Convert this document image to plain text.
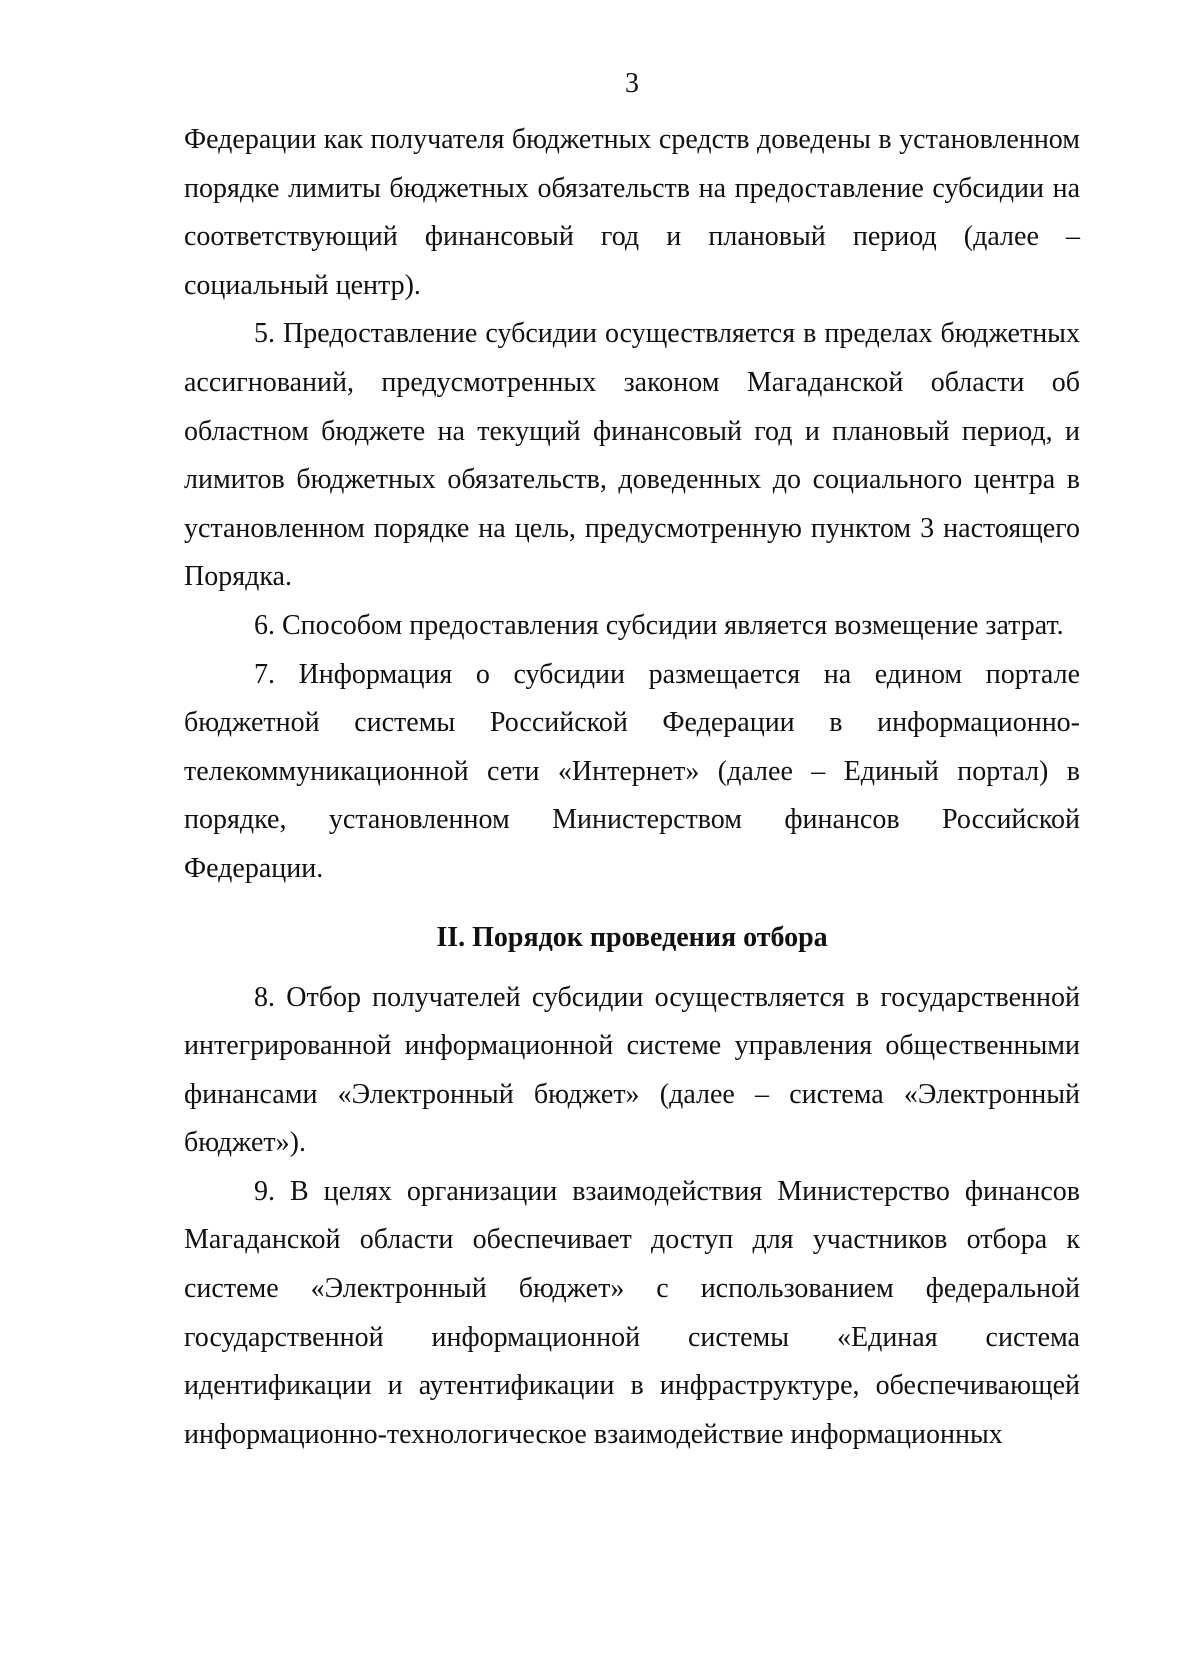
3

Федерации как получателя бюджетных средств доведены в установленном порядке лимиты бюджетных обязательств на предоставление субсидии на соответствующий финансовый год и плановый период (далее – социальный центр).

5. Предоставление субсидии осуществляется в пределах бюджетных ассигнований, предусмотренных законом Магаданской области об областном бюджете на текущий финансовый год и плановый период, и лимитов бюджетных обязательств, доведенных до социального центра в установленном порядке на цель, предусмотренную пунктом 3 настоящего Порядка.

6. Способом предоставления субсидии является возмещение затрат.

7. Информация о субсидии размещается на едином портале бюджетной системы Российской Федерации в информационно-телекоммуникационной сети «Интернет» (далее – Единый портал) в порядке, установленном Министерством финансов Российской Федерации.

II. Порядок проведения отбора

8. Отбор получателей субсидии осуществляется в государственной интегрированной информационной системе управления общественными финансами «Электронный бюджет» (далее – система «Электронный бюджет»).

9. В целях организации взаимодействия Министерство финансов Магаданской области обеспечивает доступ для участников отбора к системе «Электронный бюджет» с использованием федеральной государственной информационной системы «Единая система идентификации и аутентификации в инфраструктуре, обеспечивающей информационно-технологическое взаимодействие информационных
